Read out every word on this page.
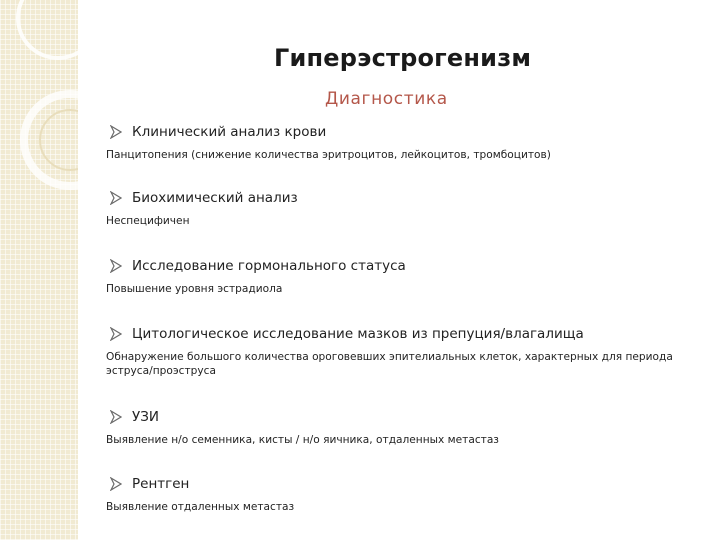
Гиперэстрогенизм
Диагностика
Клинический анализ крови
Панцитопения (снижение количества эритроцитов, лейкоцитов, тромбоцитов)
Биохимический анализ
Неспецифичен
Исследование гормонального статуса
Повышение уровня эстрадиола
Цитологическое исследование мазков из препуция/влагалища
Обнаружение большого количества ороговевших эпителиальных клеток, характерных для периода эструса/проэструса
УЗИ
Выявление н/о семенника, кисты / н/о яичника, отдаленных метастаз
Рентген
Выявление отдаленных метастаз
